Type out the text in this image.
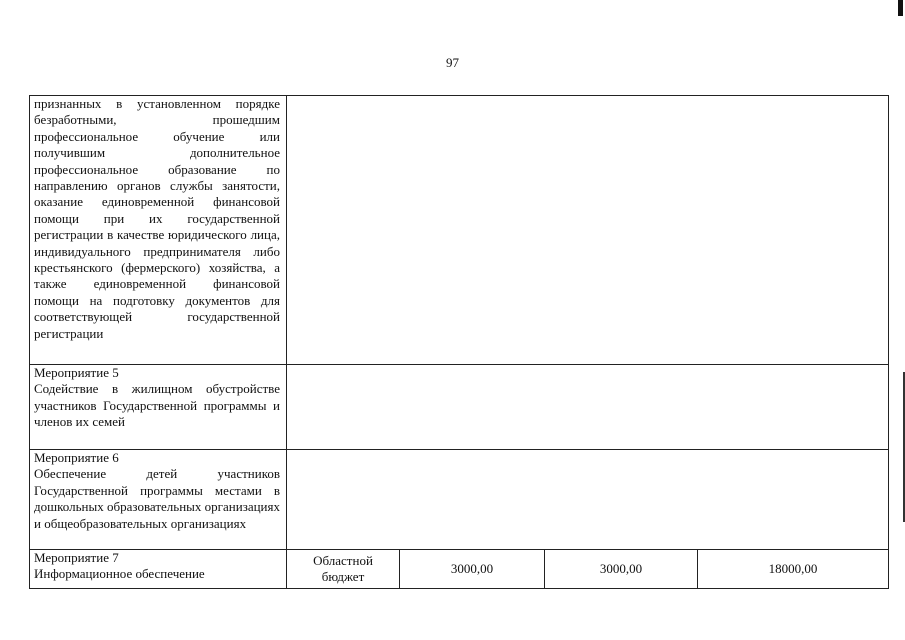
97

признанных в установленном порядке безработными, прошедшим профессиональное обучение или получившим дополнительное профессиональное образование по направлению органов службы занятости, оказание единовременной финансовой помощи при их государственной регистрации в качестве юридического лица, индивидуального предпринимателя либо крестьянского (фермерского) хозяйства, а также единовременной финансовой помощи на подготовку документов для соответствующей государственной регистрации

Мероприятие 5

Содействие в жилищном обустройстве участников Государственной программы и членов их семей

Мероприятие 6

Обеспечение детей участников Государственной программы местами в дошкольных образовательных организациях и общеобразовательных организациях

Мероприятие 7

Информационное обеспечение

Областной бюджет
3000,00	3000,00	18000,00
